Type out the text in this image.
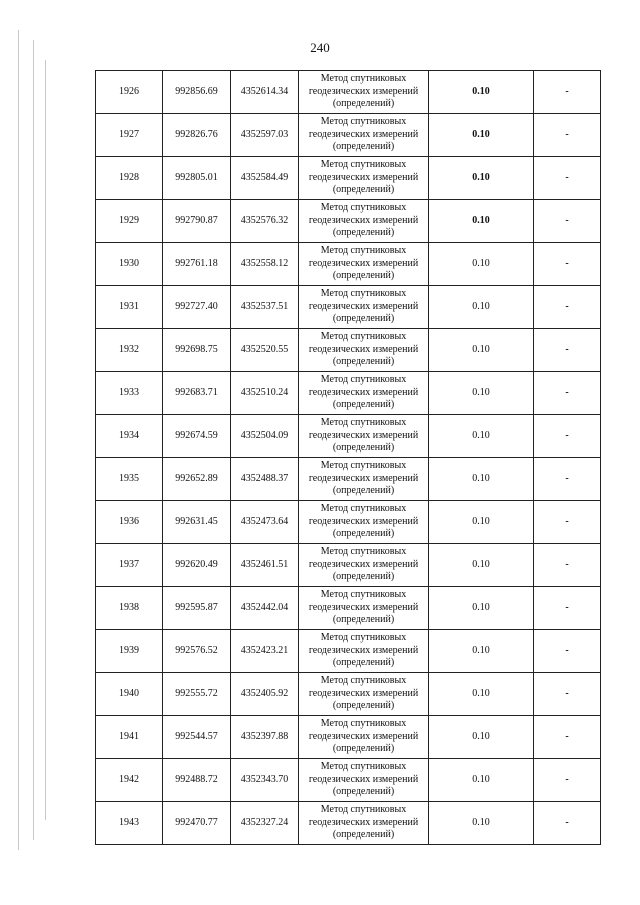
240
1926	992856.69	4352614.34	Метод спутниковых
геодезических измерений
(определений)	0.10	-
1927	992826.76	4352597.03	Метод спутниковых
геодезических измерений
(определений)	0.10	-
1928	992805.01	4352584.49	Метод спутниковых
геодезических измерений
(определений)	0.10	-
1929	992790.87	4352576.32	Метод спутниковых
геодезических измерений
(определений)	0.10	-
1930	992761.18	4352558.12	Метод спутниковых
геодезических измерений
(определений)	0.10	-
1931	992727.40	4352537.51	Метод спутниковых
геодезических измерений
(определений)	0.10	-
1932	992698.75	4352520.55	Метод спутниковых
геодезических измерений
(определений)	0.10	-
1933	992683.71	4352510.24	Метод спутниковых
геодезических измерений
(определений)	0.10	-
1934	992674.59	4352504.09	Метод спутниковых
геодезических измерений
(определений)	0.10	-
1935	992652.89	4352488.37	Метод спутниковых
геодезических измерений
(определений)	0.10	-
1936	992631.45	4352473.64	Метод спутниковых
геодезических измерений
(определений)	0.10	-
1937	992620.49	4352461.51	Метод спутниковых
геодезических измерений
(определений)	0.10	-
1938	992595.87	4352442.04	Метод спутниковых
геодезических измерений
(определений)	0.10	-
1939	992576.52	4352423.21	Метод спутниковых
геодезических измерений
(определений)	0.10	-
1940	992555.72	4352405.92	Метод спутниковых
геодезических измерений
(определений)	0.10	-
1941	992544.57	4352397.88	Метод спутниковых
геодезических измерений
(определений)	0.10	-
1942	992488.72	4352343.70	Метод спутниковых
геодезических измерений
(определений)	0.10	-
1943	992470.77	4352327.24	Метод спутниковых
геодезических измерений
(определений)	0.10	-
